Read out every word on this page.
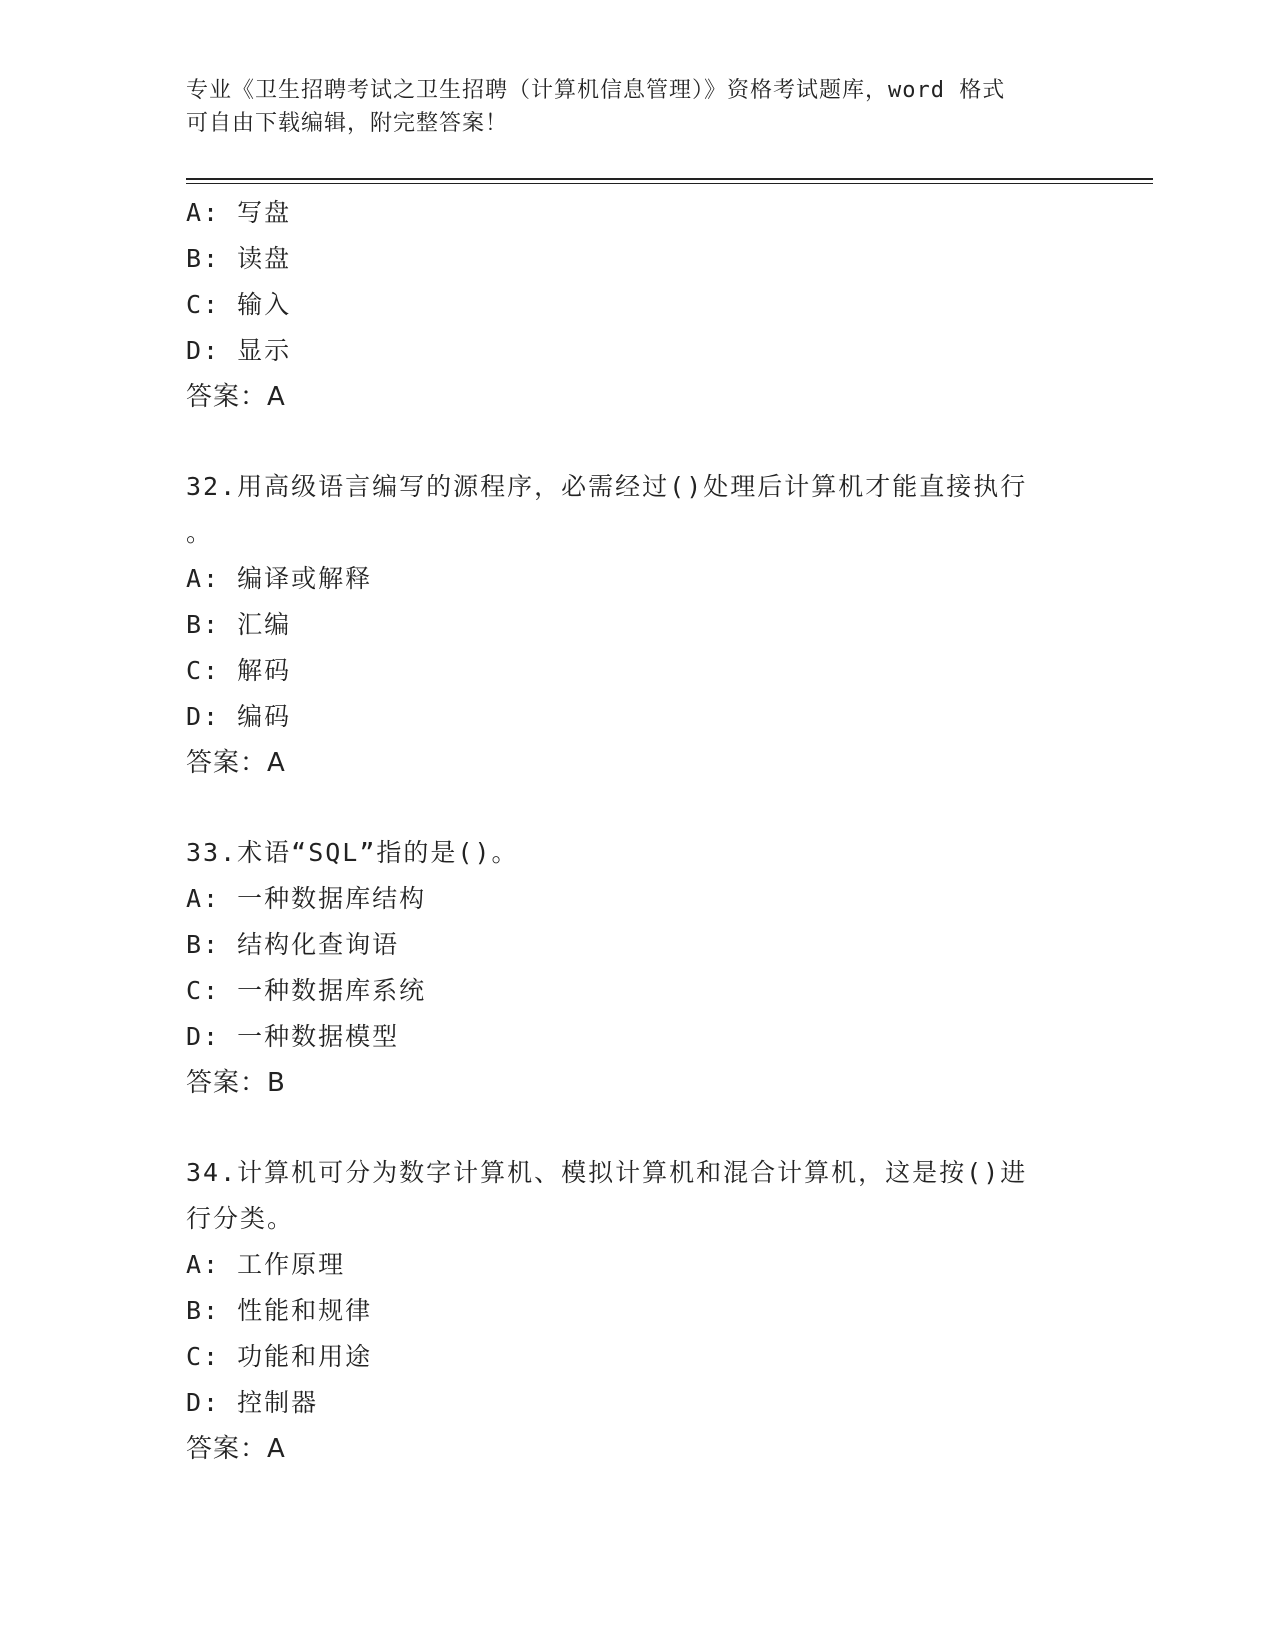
专业《卫生招聘考试之卫生招聘（计算机信息管理）》资格考试题库，word 格式
可自由下载编辑，附完整答案！
A: 写盘
B: 读盘
C: 输入
D: 显示
答案：A
32.用高级语言编写的源程序，必需经过()处理后计算机才能直接执行
。
A: 编译或解释
B: 汇编
C: 解码
D: 编码
答案：A
33.术语“SQL”指的是()。
A: 一种数据库结构
B: 结构化查询语
C: 一种数据库系统
D: 一种数据模型
答案：B
34.计算机可分为数字计算机、模拟计算机和混合计算机，这是按()进
行分类。
A: 工作原理
B: 性能和规律
C: 功能和用途
D: 控制器
答案：A
